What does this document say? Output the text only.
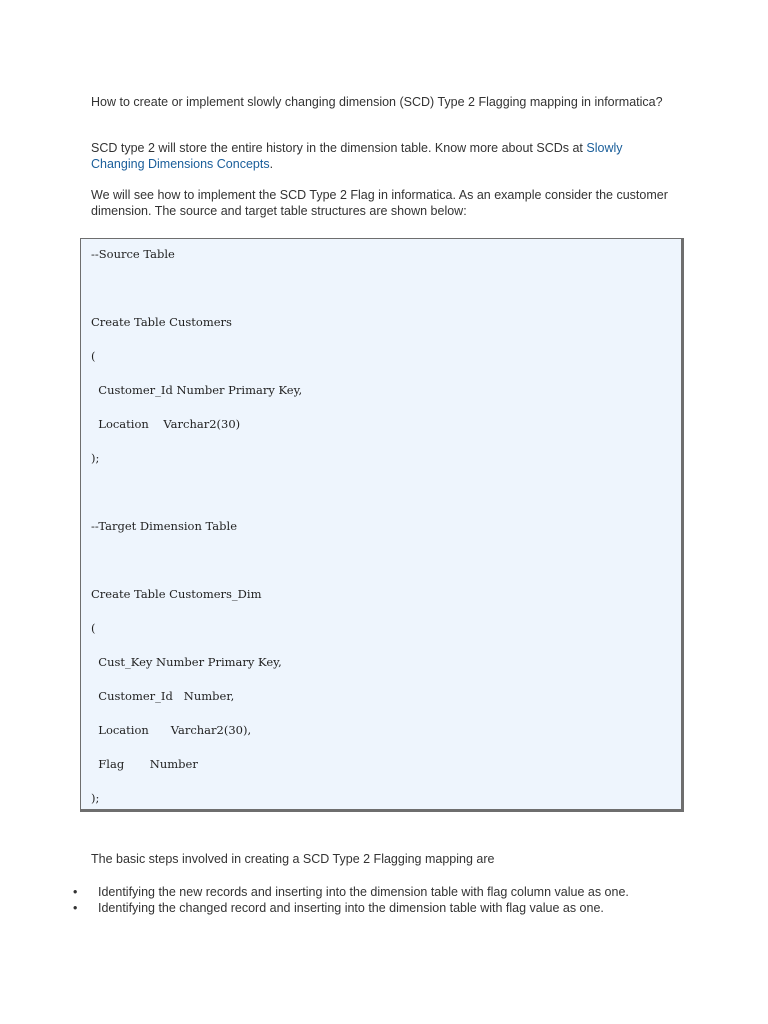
How to create or implement slowly changing dimension (SCD) Type 2 Flagging mapping in informatica?

SCD type 2 will store the entire history in the dimension table. Know more about SCDs at Slowly Changing Dimensions Concepts.

We will see how to implement the SCD Type 2 Flag in informatica. As an example consider the customer dimension. The source and target table structures are shown below:

--Source Table

Create Table Customers

(

Customer_Id Number Primary Key,

Location    Varchar2(30)

);

--Target Dimension Table

Create Table Customers_Dim

(

Cust_Key Number Primary Key,

Customer_Id   Number,

Location      Varchar2(30),

Flag       Number

);

The basic steps involved in creating a SCD Type 2 Flagging mapping are

•	Identifying the new records and inserting into the dimension table with flag column value as one.
•	Identifying the changed record and inserting into the dimension table with flag value as one.
